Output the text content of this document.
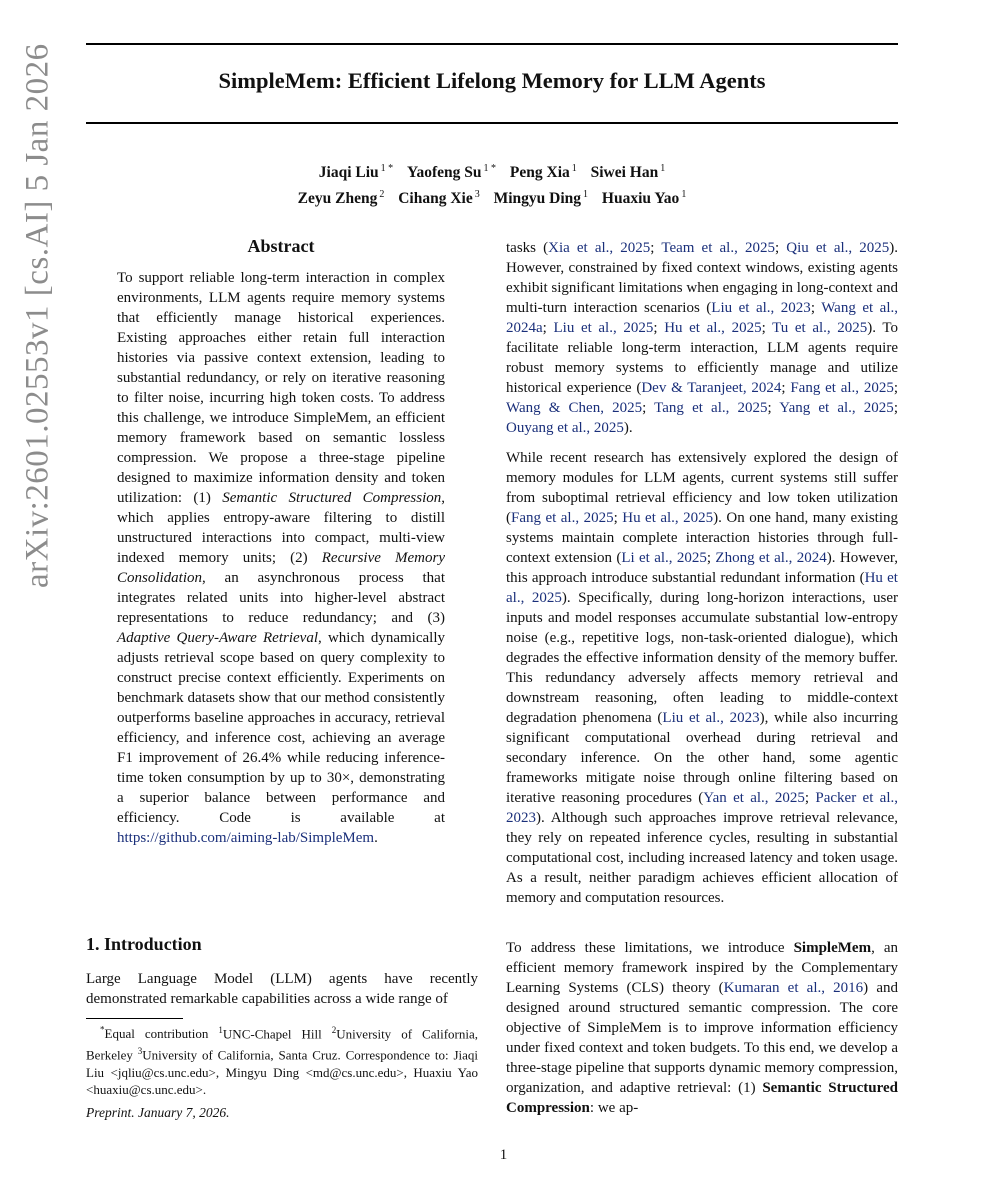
SimpleMem: Efficient Lifelong Memory for LLM Agents
Jiaqi Liu $^{1 *}$ Yaofeng Su $^{1 *}$ Peng Xia $^1$ Siwei Han $^1$
Zeyu Zheng $^2$ Cihang Xie $^3$ Mingyu Ding $^1$ Huaxiu Yao $^1$
arXiv:2601.02553v1 [cs.AI] 5 Jan 2026	Abstract

To support reliable long-term interaction in complex environments, LLM agents require memory systems that efficiently manage historical experiences. Existing approaches either retain full interaction histories via passive context extension, leading to substantial redundancy, or rely on iterative reasoning to filter noise, incurring high token costs. To address this challenge, we introduce SimpleMem, an efficient memory framework based on semantic lossless compression. We propose a three-stage pipeline designed to maximize information density and token utilization: (1) Semantic Structured Compression, which applies entropy-aware filtering to distill unstructured interactions into compact, multi-view indexed memory units; (2) Recursive Memory Consolidation, an asynchronous process that integrates related units into higher-level abstract representations to reduce redundancy; and (3) Adaptive Query-Aware Retrieval, which dynamically adjusts retrieval scope based on query complexity to construct precise context efficiently. Experiments on benchmark datasets show that our method consistently outperforms baseline approaches in accuracy, retrieval efficiency, and inference cost, achieving an average F1 improvement of 26.4% while reducing inference-time token consumption by up to 30×, demonstrating a superior balance between performance and efficiency. Code is available at https://github.com/aiming-lab/SimpleMem.

1. Introduction

Large Language Model (LLM) agents have recently demonstrated remarkable capabilities across a wide range of

*Equal contribution $^1$UNC-Chapel Hill $^2$University of California, Berkeley $^3$University of California, Santa Cruz. Correspondence to: Jiaqi Liu <jqliu@cs.unc.edu>, Mingyu Ding <md@cs.unc.edu>, Huaxiu Yao <huaxiu@cs.unc.edu>.

Preprint. January 7, 2026.

tasks (Xia et al., 2025; Team et al., 2025; Qiu et al., 2025). However, constrained by fixed context windows, existing agents exhibit significant limitations when engaging in long-context and multi-turn interaction scenarios (Liu et al., 2023; Wang et al., 2024a; Liu et al., 2025; Hu et al., 2025; Tu et al., 2025). To facilitate reliable long-term interaction, LLM agents require robust memory systems to efficiently manage and utilize historical experience (Dev & Taranjeet, 2024; Fang et al., 2025; Wang & Chen, 2025; Tang et al., 2025; Yang et al., 2025; Ouyang et al., 2025).

While recent research has extensively explored the design of memory modules for LLM agents, current systems still suffer from suboptimal retrieval efficiency and low token utilization (Fang et al., 2025; Hu et al., 2025). On one hand, many existing systems maintain complete interaction histories through full-context extension (Li et al., 2025; Zhong et al., 2024). However, this approach introduce substantial redundant information (Hu et al., 2025). Specifically, during long-horizon interactions, user inputs and model responses accumulate substantial low-entropy noise (e.g., repetitive logs, non-task-oriented dialogue), which degrades the effective information density of the memory buffer. This redundancy adversely affects memory retrieval and downstream reasoning, often leading to middle-context degradation phenomena (Liu et al., 2023), while also incurring significant computational overhead during retrieval and secondary inference. On the other hand, some agentic frameworks mitigate noise through online filtering based on iterative reasoning procedures (Yan et al., 2025; Packer et al., 2023). Although such approaches improve retrieval relevance, they rely on repeated inference cycles, resulting in substantial computational cost, including increased latency and token usage. As a result, neither paradigm achieves efficient allocation of memory and computation resources.

To address these limitations, we introduce SimpleMem, an efficient memory framework inspired by the Complementary Learning Systems (CLS) theory (Kumaran et al., 2016) and designed around structured semantic compression. The core objective of SimpleMem is to improve information efficiency under fixed context and token budgets. To this end, we develop a three-stage pipeline that supports dynamic memory compression, organization, and adaptive retrieval: (1) Semantic Structured Compression: we ap-

1
